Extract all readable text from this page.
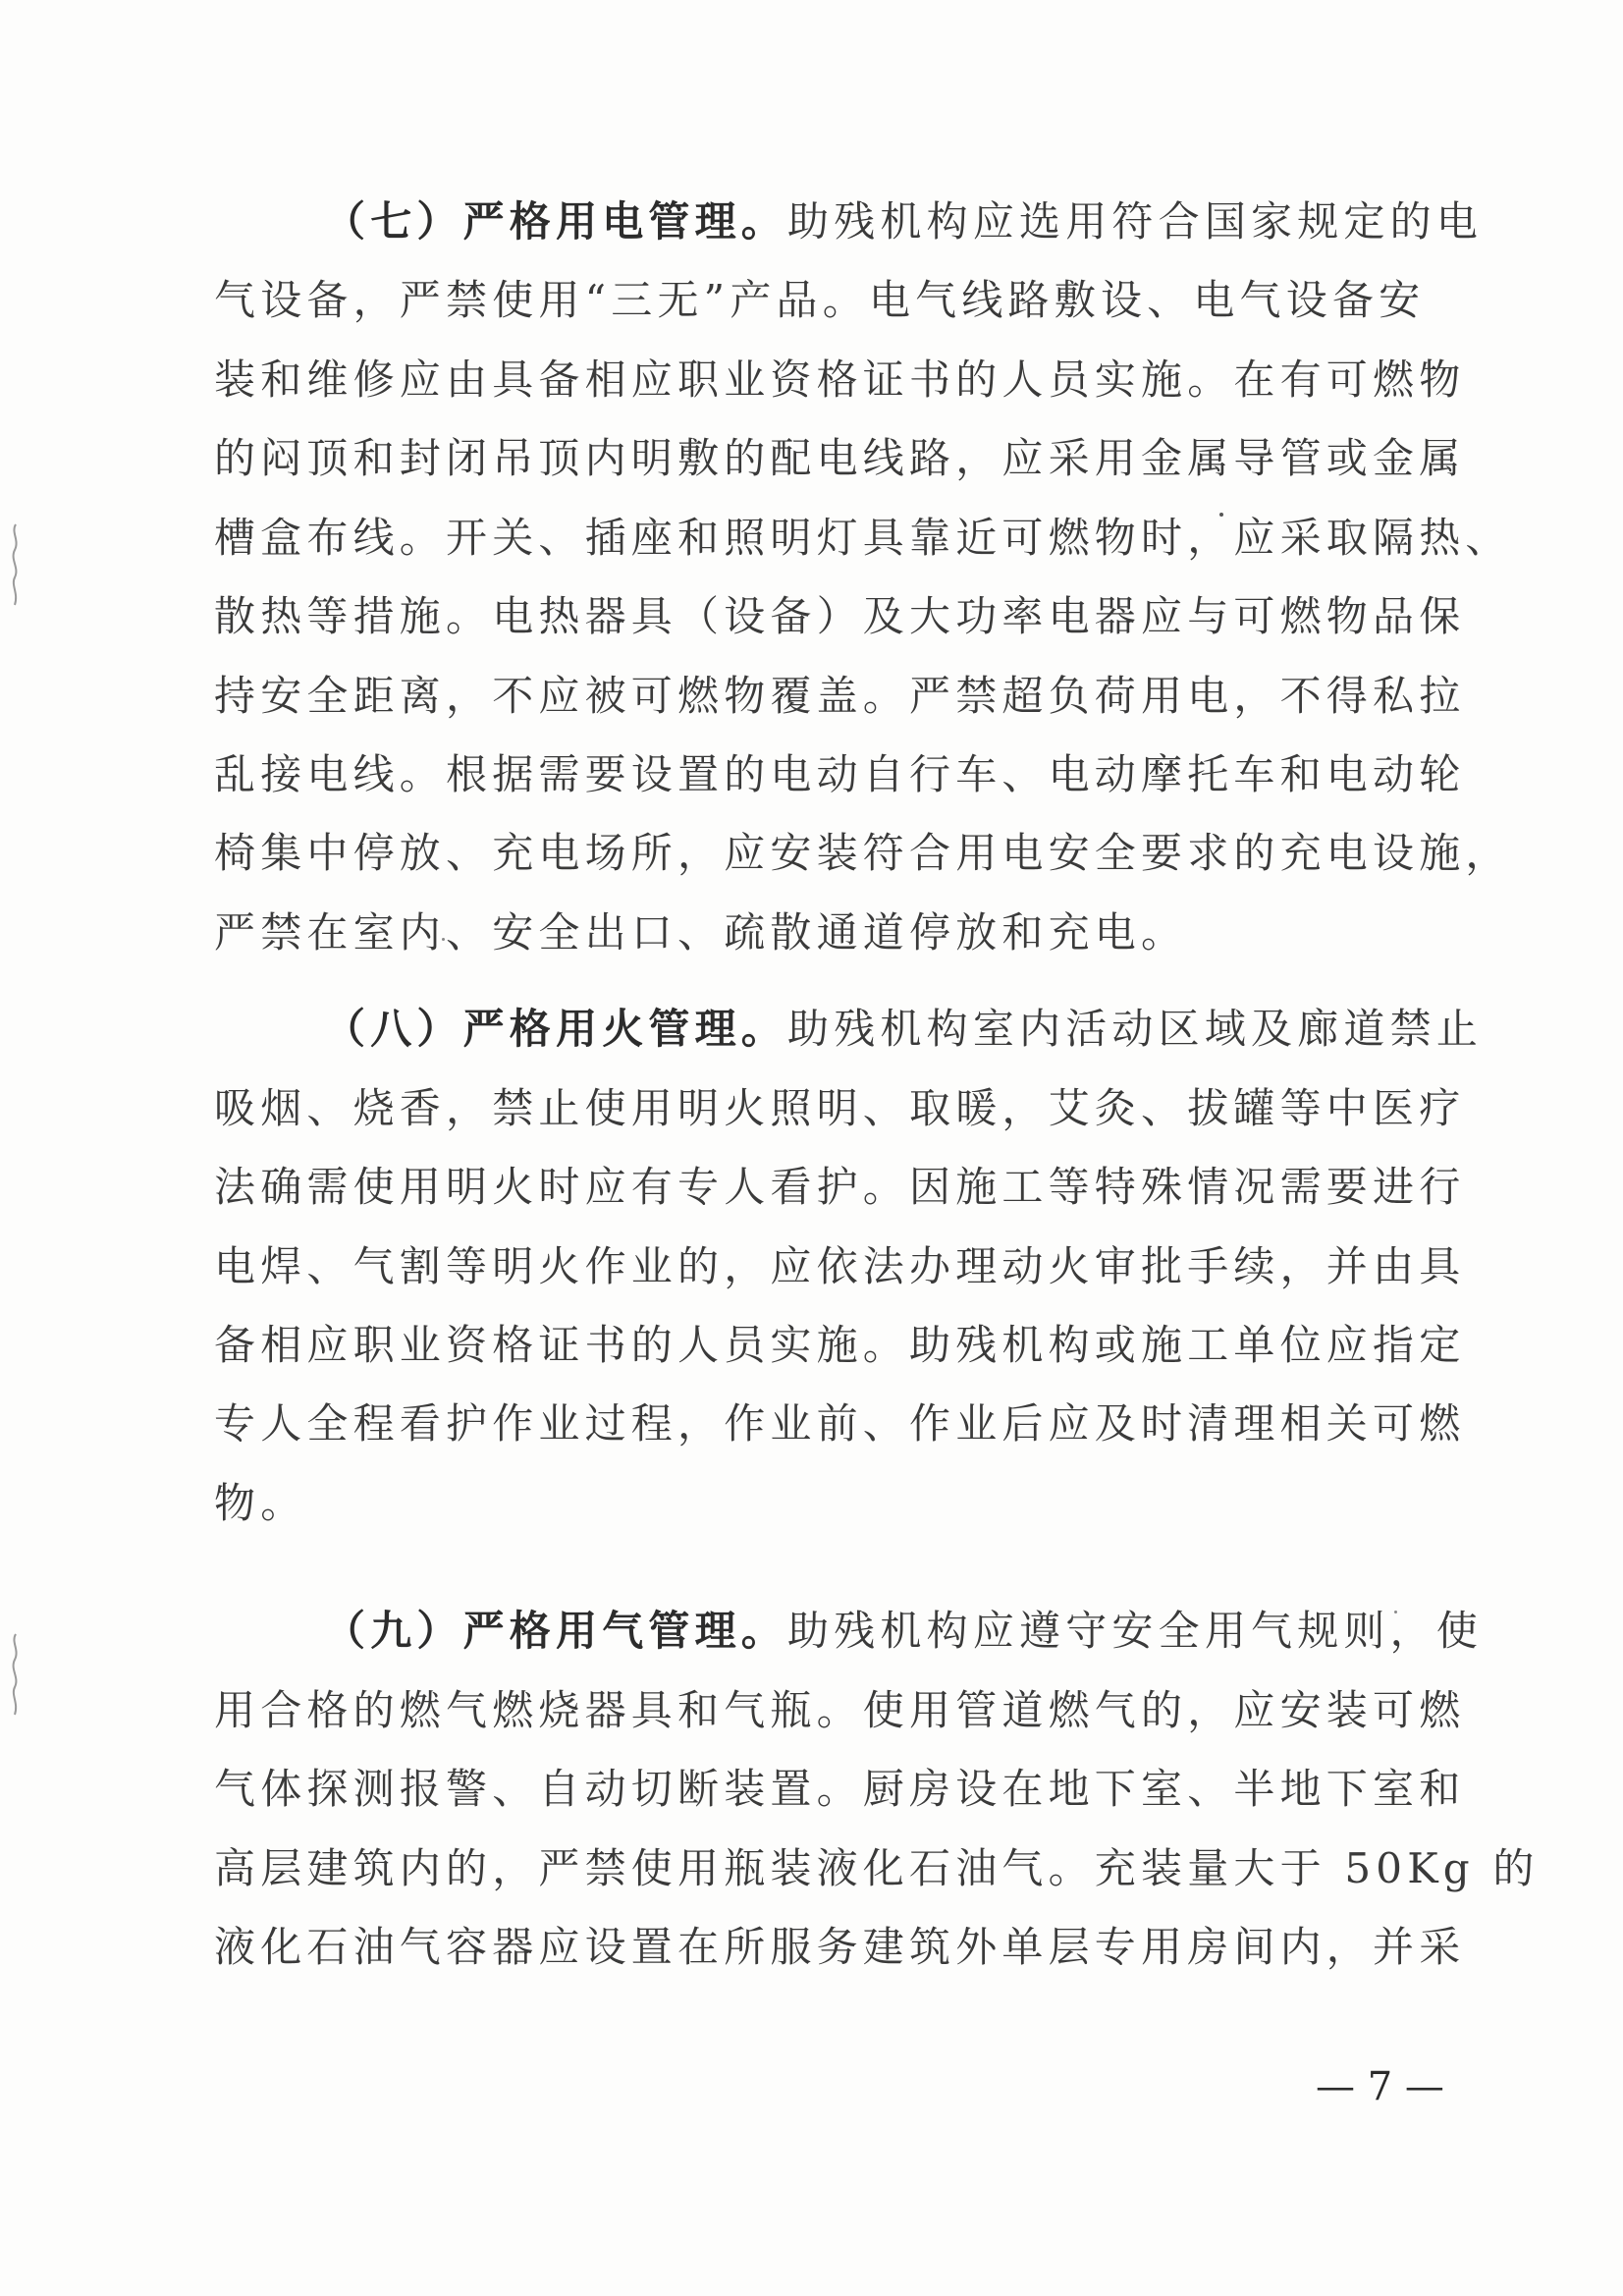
（七）严格用电管理。助残机构应选用符合国家规定的电
气设备，严禁使用“三无”产品。电气线路敷设、电气设备安
装和维修应由具备相应职业资格证书的人员实施。在有可燃物
的闷顶和封闭吊顶内明敷的配电线路，应采用金属导管或金属
槽盒布线。开关、插座和照明灯具靠近可燃物时，应采取隔热、
散热等措施。电热器具（设备）及大功率电器应与可燃物品保
持安全距离，不应被可燃物覆盖。严禁超负荷用电，不得私拉
乱接电线。根据需要设置的电动自行车、电动摩托车和电动轮
椅集中停放、充电场所，应安装符合用电安全要求的充电设施，
严禁在室内、安全出口、疏散通道停放和充电。
（八）严格用火管理。助残机构室内活动区域及廊道禁止
吸烟、烧香，禁止使用明火照明、取暖，艾灸、拔罐等中医疗
法确需使用明火时应有专人看护。因施工等特殊情况需要进行
电焊、气割等明火作业的，应依法办理动火审批手续，并由具
备相应职业资格证书的人员实施。助残机构或施工单位应指定
专人全程看护作业过程，作业前、作业后应及时清理相关可燃
物。
（九）严格用气管理。助残机构应遵守安全用气规则，使
用合格的燃气燃烧器具和气瓶。使用管道燃气的，应安装可燃
气体探测报警、自动切断装置。厨房设在地下室、半地下室和
高层建筑内的，严禁使用瓶装液化石油气。充装量大于 50Kg 的
液化石油气容器应设置在所服务建筑外单层专用房间内，并采
— 7 —
